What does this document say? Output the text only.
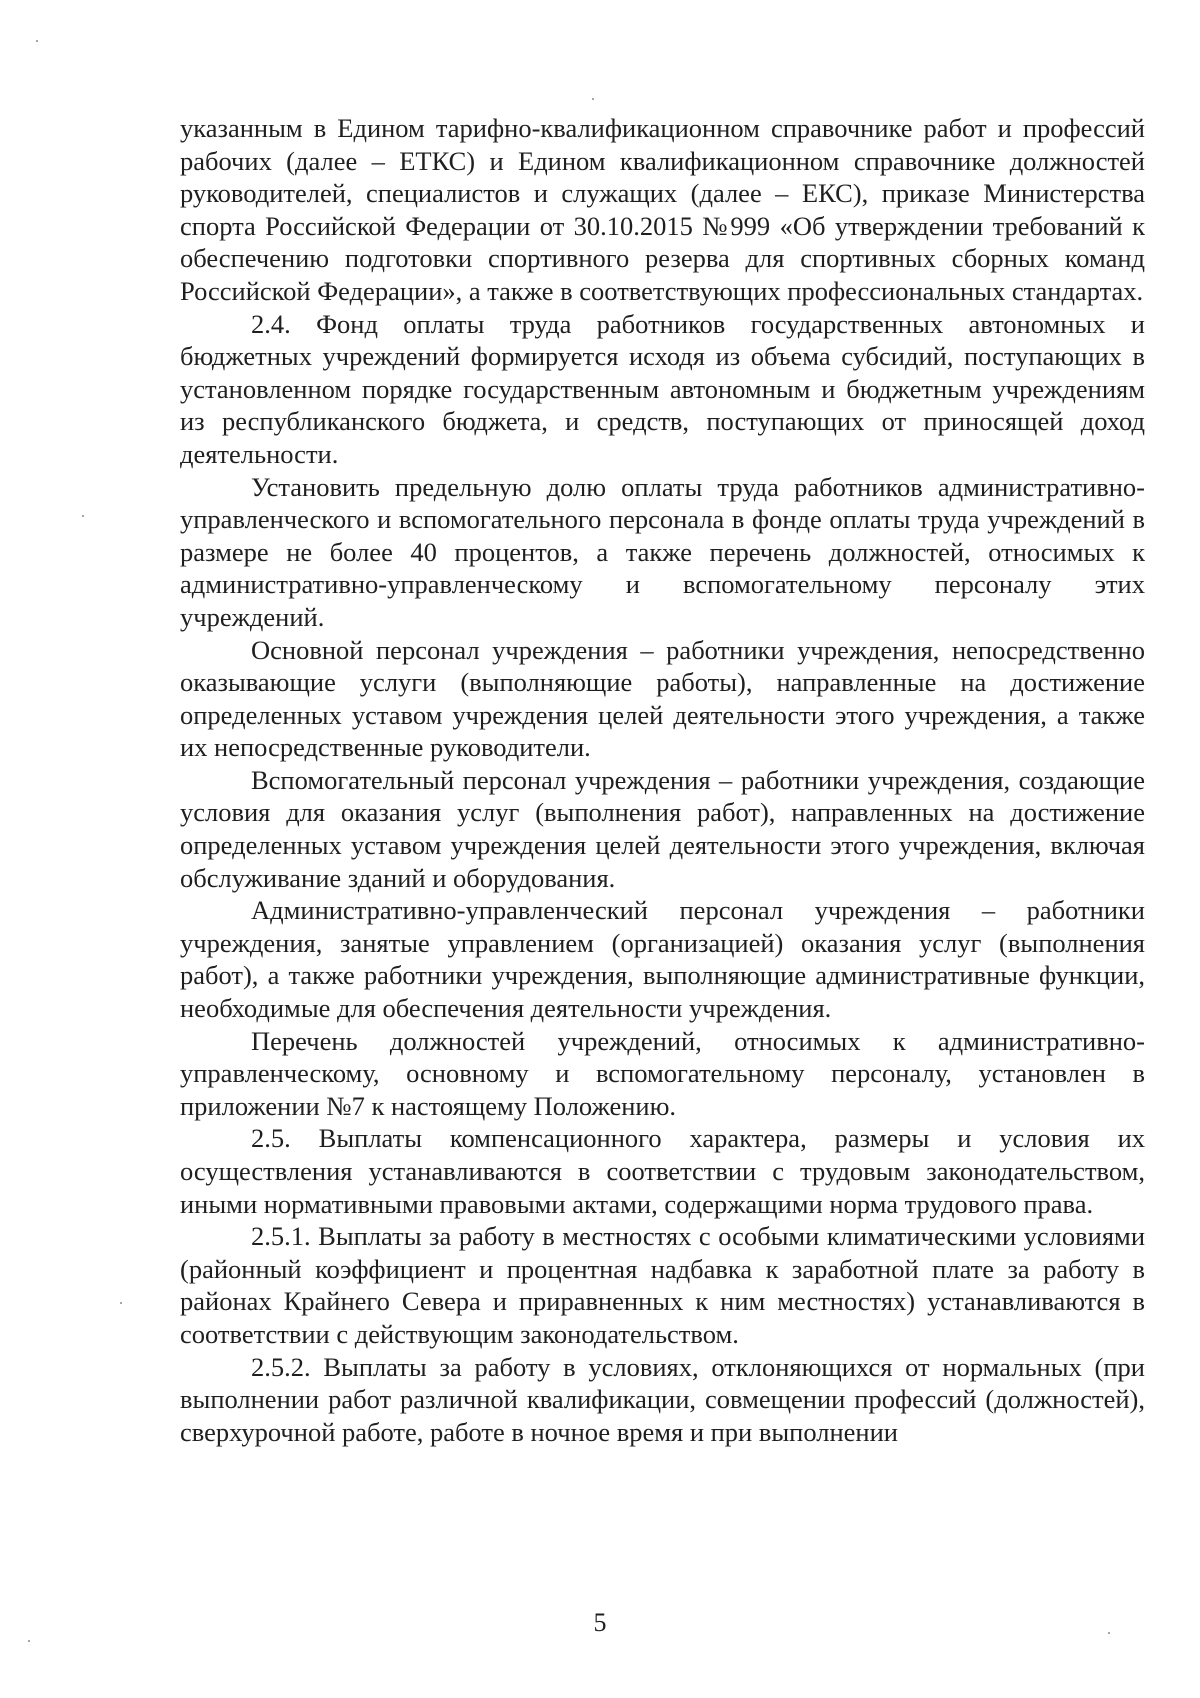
указанным в Едином тарифно-квалификационном справочнике работ и профессий рабочих (далее – ЕТКС) и Едином квалификационном справочнике должностей руководителей, специалистов и служащих (далее – ЕКС), приказе Министерства спорта Российской Федерации от 30.10.2015 №999 «Об утверждении требований к обеспечению подготовки спортивного резерва для спортивных сборных команд Российской Федерации», а также в соответствующих профессиональных стандартах.

2.4. Фонд оплаты труда работников государственных автономных и бюджетных учреждений формируется исходя из объема субсидий, поступающих в установленном порядке государственным автономным и бюджетным учреждениям из республиканского бюджета, и средств, поступающих от приносящей доход деятельности.

Установить предельную долю оплаты труда работников административно-управленческого и вспомогательного персонала в фонде оплаты труда учреждений в размере не более 40 процентов, а также перечень должностей, относимых к административно-управленческому и вспомогательному персоналу этих учреждений.

Основной персонал учреждения – работники учреждения, непосредственно оказывающие услуги (выполняющие работы), направленные на достижение определенных уставом учреждения целей деятельности этого учреждения, а также их непосредственные руководители.

Вспомогательный персонал учреждения – работники учреждения, создающие условия для оказания услуг (выполнения работ), направленных на достижение определенных уставом учреждения целей деятельности этого учреждения, включая обслуживание зданий и оборудования.

Административно-управленческий персонал учреждения – работники учреждения, занятые управлением (организацией) оказания услуг (выполнения работ), а также работники учреждения, выполняющие административные функции, необходимые для обеспечения деятельности учреждения.

Перечень должностей учреждений, относимых к административно-управленческому, основному и вспомогательному персоналу, установлен в приложении №7 к настоящему Положению.

2.5. Выплаты компенсационного характера, размеры и условия их осуществления устанавливаются в соответствии с трудовым законодательством, иными нормативными правовыми актами, содержащими норма трудового права.

2.5.1. Выплаты за работу в местностях с особыми климатическими условиями (районный коэффициент и процентная надбавка к заработной плате за работу в районах Крайнего Севера и приравненных к ним местностях) устанавливаются в соответствии с действующим законодательством.

2.5.2. Выплаты за работу в условиях, отклоняющихся от нормальных (при выполнении работ различной квалификации, совмещении профессий (должностей), сверхурочной работе, работе в ночное время и при выполнении

5
